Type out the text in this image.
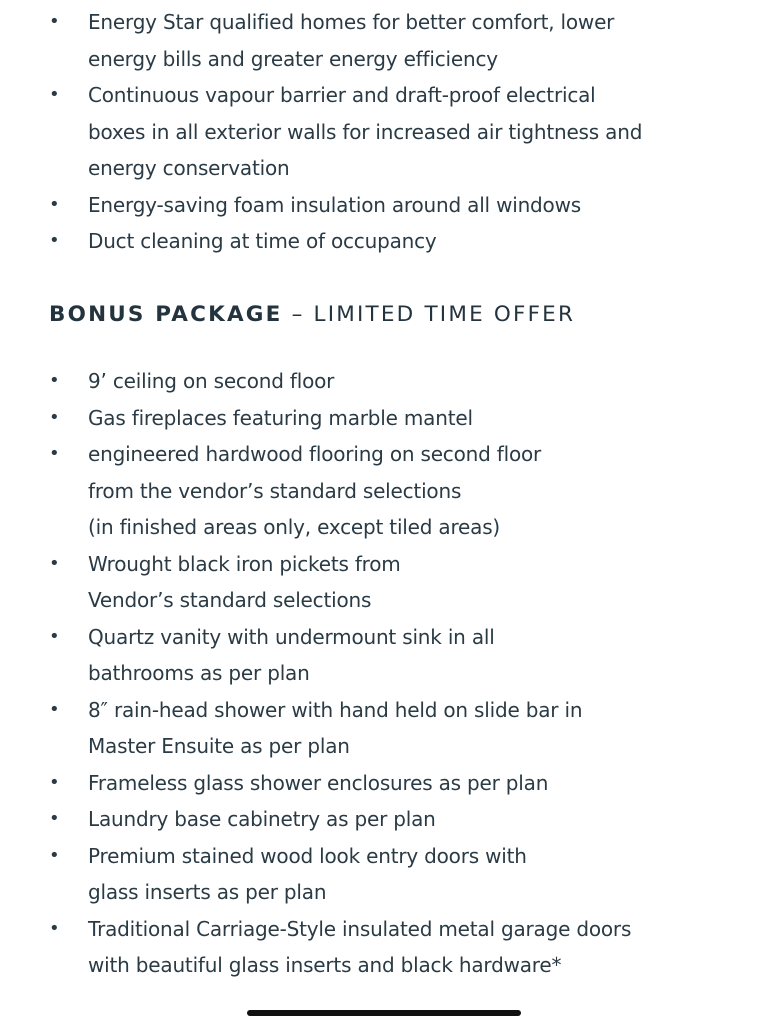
• Energy Star qualified homes for better comfort, lower
energy bills and greater energy efficiency
• Continuous vapour barrier and draft-proof electrical
boxes in all exterior walls for increased air tightness and
energy conservation
• Energy-saving foam insulation around all windows
• Duct cleaning at time of occupancy
BONUS PACKAGE – LIMITED TIME OFFER
• 9’ ceiling on second floor
• Gas fireplaces featuring marble mantel
• engineered hardwood flooring on second floor
from the vendor’s standard selections
(in finished areas only, except tiled areas)
• Wrought black iron pickets from
Vendor’s standard selections
• Quartz vanity with undermount sink in all
bathrooms as per plan
• 8″ rain-head shower with hand held on slide bar in
Master Ensuite as per plan
• Frameless glass shower enclosures as per plan
• Laundry base cabinetry as per plan
• Premium stained wood look entry doors with
glass inserts as per plan
• Traditional Carriage-Style insulated metal garage doors
with beautiful glass inserts and black hardware*
